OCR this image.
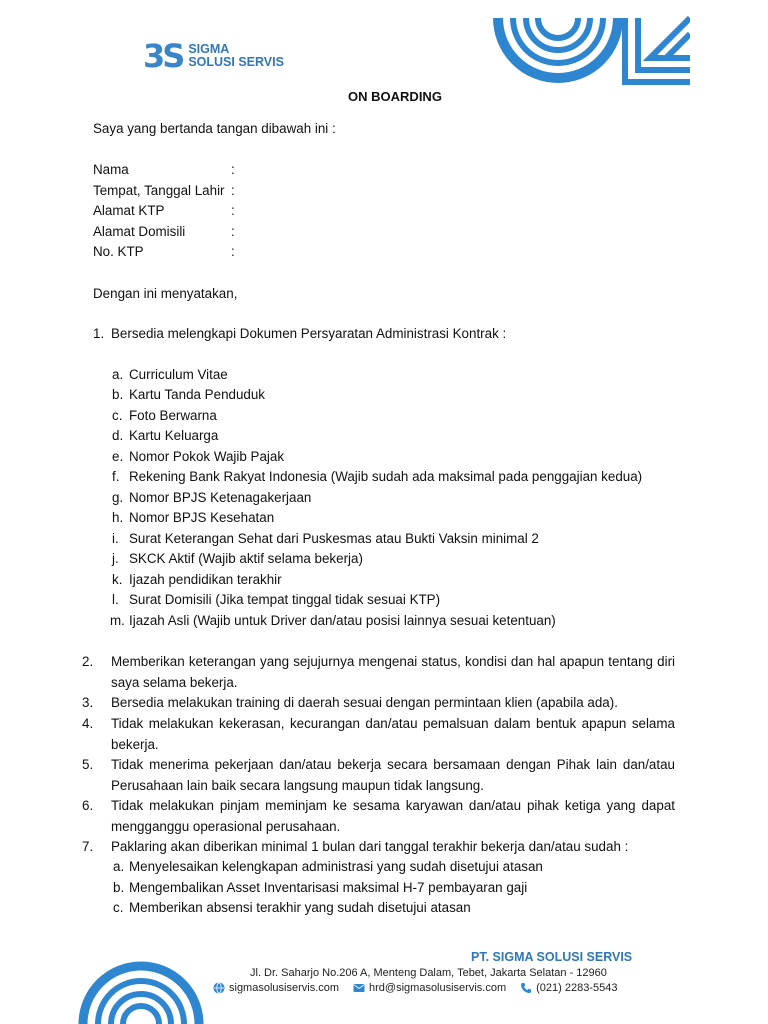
3S SIGMA
SOLUSI SERVIS
ON BOARDING
Saya yang bertanda tangan dibawah ini :
Nama	:
Tempat, Tanggal Lahir :
Alamat KTP	:
Alamat Domisili	:
No. KTP	:
Dengan ini menyatakan,
1. Bersedia melengkapi Dokumen Persyaratan Administrasi Kontrak :
a. Curriculum Vitae
b. Kartu Tanda Penduduk
c. Foto Berwarna
d. Kartu Keluarga
e. Nomor Pokok Wajib Pajak
f. Rekening Bank Rakyat Indonesia (Wajib sudah ada maksimal pada penggajian kedua)
g. Nomor BPJS Ketenagakerjaan
h. Nomor BPJS Kesehatan
i. Surat Keterangan Sehat dari Puskesmas atau Bukti Vaksin minimal 2
j. SKCK Aktif (Wajib aktif selama bekerja)
k. Ijazah pendidikan terakhir
l. Surat Domisili (Jika tempat tinggal tidak sesuai KTP)
m. Ijazah Asli (Wajib untuk Driver dan/atau posisi lainnya sesuai ketentuan)
2. Memberikan keterangan yang sejujurnya mengenai status, kondisi dan hal apapun tentang diri saya selama bekerja.
3. Bersedia melakukan training di daerah sesuai dengan permintaan klien (apabila ada).
4. Tidak melakukan kekerasan, kecurangan dan/atau pemalsuan dalam bentuk apapun selama bekerja.
5. Tidak menerima pekerjaan dan/atau bekerja secara bersamaan dengan Pihak lain dan/atau Perusahaan lain baik secara langsung maupun tidak langsung.
6. Tidak melakukan pinjam meminjam ke sesama karyawan dan/atau pihak ketiga yang dapat mengganggu operasional perusahaan.
7. Paklaring akan diberikan minimal 1 bulan dari tanggal terakhir bekerja dan/atau sudah :
a. Menyelesaikan kelengkapan administrasi yang sudah disetujui atasan
b. Mengembalikan Asset Inventarisasi maksimal H-7 pembayaran gaji
c. Memberikan absensi terakhir yang sudah disetujui atasan
PT. SIGMA SOLUSI SERVIS
Jl. Dr. Saharjo No.206 A, Menteng Dalam, Tebet, Jakarta Selatan - 12960
sigmasolusiservis.com	hrd@sigmasolusiservis.com	(021) 2283-5543
